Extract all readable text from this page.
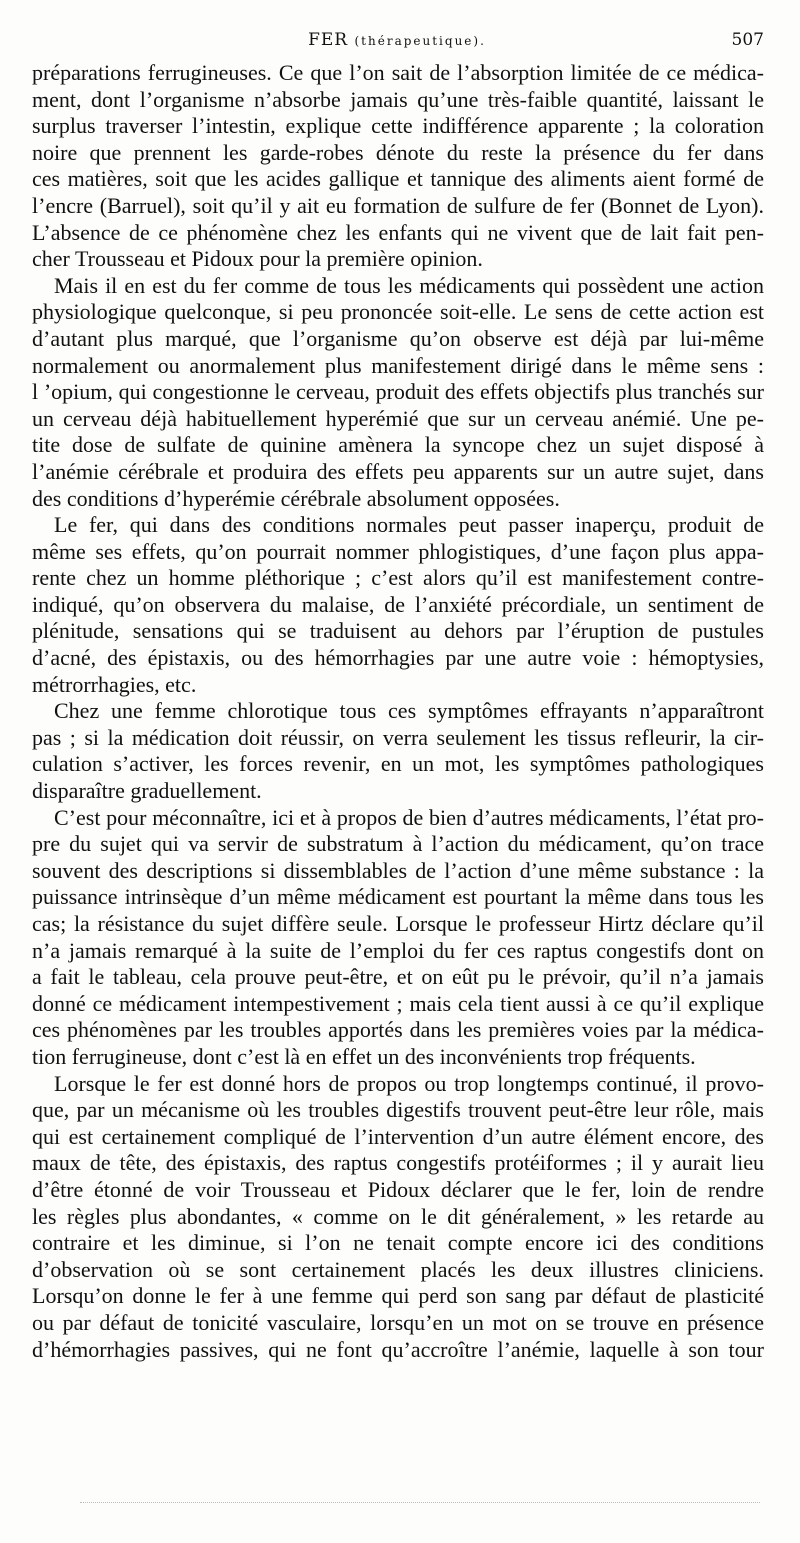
FER (thérapeutique).	507
préparations ferrugineuses. Ce que l’on sait de l’absorption limitée de ce médica-
ment, dont l’organisme n’absorbe jamais qu’une très-faible quantité, laissant le
surplus traverser l’intestin, explique cette indifférence apparente ; la coloration
noire que prennent les garde-robes dénote du reste la présence du fer dans
ces matières, soit que les acides gallique et tannique des aliments aient formé de
l’encre (Barruel), soit qu’il y ait eu formation de sulfure de fer (Bonnet de Lyon).
L’absence de ce phénomène chez les enfants qui ne vivent que de lait fait pen-
cher Trousseau et Pidoux pour la première opinion.
Mais il en est du fer comme de tous les médicaments qui possèdent une action
physiologique quelconque, si peu prononcée soit-elle. Le sens de cette action est
d’autant plus marqué, que l’organisme qu’on observe est déjà par lui-même
normalement ou anormalement plus manifestement dirigé dans le même sens :
l ’opium, qui congestionne le cerveau, produit des effets objectifs plus tranchés sur
un cerveau déjà habituellement hyperémié que sur un cerveau anémié. Une pe-
tite dose de sulfate de quinine amènera la syncope chez un sujet disposé à
l’anémie cérébrale et produira des effets peu apparents sur un autre sujet, dans
des conditions d’hyperémie cérébrale absolument opposées.
Le fer, qui dans des conditions normales peut passer inaperçu, produit de
même ses effets, qu’on pourrait nommer phlogistiques, d’une façon plus appa-
rente chez un homme pléthorique ; c’est alors qu’il est manifestement contre-
indiqué, qu’on observera du malaise, de l’anxiété précordiale, un sentiment de
plénitude, sensations qui se traduisent au dehors par l’éruption de pustules
d’acné, des épistaxis, ou des hémorrhagies par une autre voie : hémoptysies,
métrorrhagies, etc.
Chez une femme chlorotique tous ces symptômes effrayants n’apparaîtront
pas ; si la médication doit réussir, on verra seulement les tissus refleurir, la cir-
culation s’activer, les forces revenir, en un mot, les symptômes pathologiques
disparaître graduellement.
C’est pour méconnaître, ici et à propos de bien d’autres médicaments, l’état pro-
pre du sujet qui va servir de substratum à l’action du médicament, qu’on trace
souvent des descriptions si dissemblables de l’action d’une même substance : la
puissance intrinsèque d’un même médicament est pourtant la même dans tous les
cas; la résistance du sujet diffère seule. Lorsque le professeur Hirtz déclare qu’il
n’a jamais remarqué à la suite de l’emploi du fer ces raptus congestifs dont on
a fait le tableau, cela prouve peut-être, et on eût pu le prévoir, qu’il n’a jamais
donné ce médicament intempestivement ; mais cela tient aussi à ce qu’il explique
ces phénomènes par les troubles apportés dans les premières voies par la médica-
tion ferrugineuse, dont c’est là en effet un des inconvénients trop fréquents.
Lorsque le fer est donné hors de propos ou trop longtemps continué, il provo-
que, par un mécanisme où les troubles digestifs trouvent peut-être leur rôle, mais
qui est certainement compliqué de l’intervention d’un autre élément encore, des
maux de tête, des épistaxis, des raptus congestifs protéiformes ; il y aurait lieu
d’être étonné de voir Trousseau et Pidoux déclarer que le fer, loin de rendre
les règles plus abondantes, « comme on le dit généralement, » les retarde au
contraire et les diminue, si l’on ne tenait compte encore ici des conditions
d’observation où se sont certainement placés les deux illustres cliniciens.
Lorsqu’on donne le fer à une femme qui perd son sang par défaut de plasticité
ou par défaut de tonicité vasculaire, lorsqu’en un mot on se trouve en présence
d’hémorrhagies passives, qui ne font qu’accroître l’anémie, laquelle à son tour
